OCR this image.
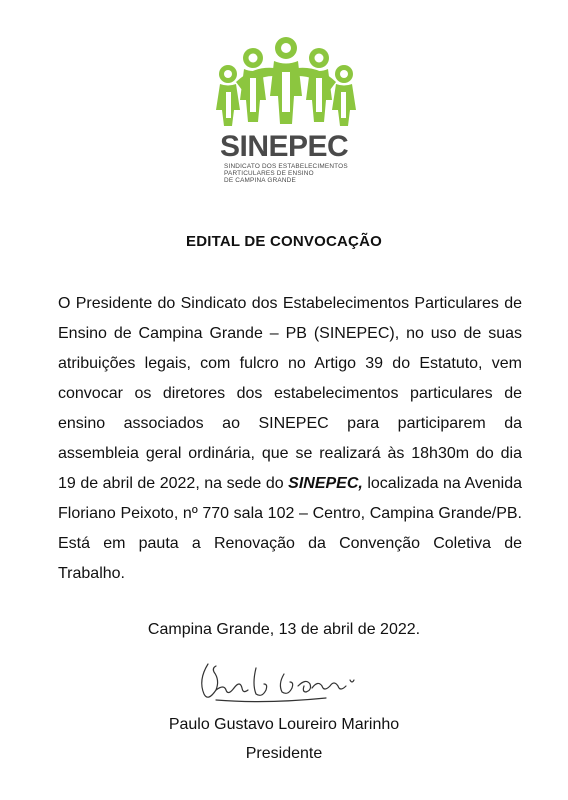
SINEPEC
SINDICATO DOS ESTABELECIMENTOS
PARTICULARES DE ENSINO
DE CAMPINA GRANDE
EDITAL DE CONVOCAÇÃO
O Presidente do Sindicato dos Estabelecimentos Particulares de Ensino de Campina Grande – PB (SINEPEC), no uso de suas atribuições legais, com fulcro no Artigo 39 do Estatuto, vem convocar os diretores dos estabelecimentos particulares de ensino associados ao SINEPEC para participarem da assembleia geral ordinária, que se realizará às 18h30m do dia 19 de abril de 2022, na sede do SINEPEC, localizada na Avenida Floriano Peixoto, nº 770 sala 102 – Centro, Campina Grande/PB. Está em pauta a Renovação da Convenção Coletiva de Trabalho.
Campina Grande, 13 de abril de 2022.
Paulo Gustavo Loureiro Marinho
Presidente
